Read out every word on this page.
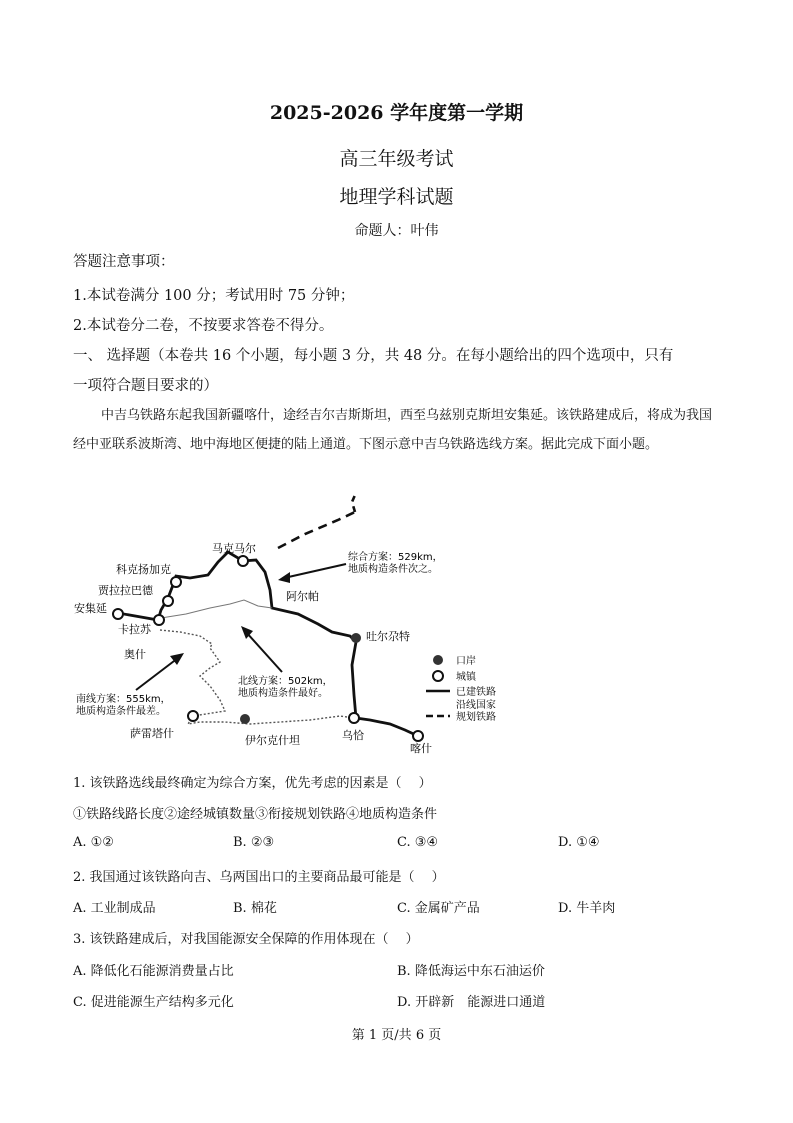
2025-2026 学年度第一学期
高三年级考试
地理学科试题
命题人：叶伟
答题注意事项：
1.本试卷满分 100 分；考试用时 75 分钟；
2.本试卷分二卷，不按要求答卷不得分。
一、 选择题（本卷共 16 个小题，每小题 3 分，共 48 分。在每小题给出的四个选项中，只有
一项符合题目要求的）
中吉乌铁路东起我国新疆喀什，途经吉尔吉斯斯坦，西至乌兹别克斯坦安集延。该铁路建成后，将成为我国经中亚联系波斯湾、地中海地区便捷的陆上通道。下图示意中吉乌铁路选线方案。据此完成下面小题。
马克马尔
科克扬加克
贾拉拉巴德
安集延
卡拉苏
奥什
阿尔帕
吐尔尕特
萨雷塔什
伊尔克什坦	乌恰
喀什
综合方案：529km，
地质构造条件次之。
北线方案：502km，
地质构造条件最好。
南线方案：555km，
地质构造条件最差。
口岸
城镇
已建铁路
沿线国家
规划铁路
1. 该铁路选线最终确定为综合方案，优先考虑的因素是（　 ）
①铁路线路长度②途经城镇数量③衔接规划铁路④地质构造条件
A. ①②	B. ②③	C. ③④	D. ①④
2. 我国通过该铁路向吉、乌两国出口的主要商品最可能是（　 ）
A. 工业制成品	B. 棉花	C. 金属矿产品	D. 牛羊肉
3. 该铁路建成后，对我国能源安全保障的作用体现在（　 ）
A. 降低化石能源消费量占比	B. 降低海运中东石油运价
C. 促进能源生产结构多元化	D. 开辟新　能源进口通道
第 1 页/共 6 页
